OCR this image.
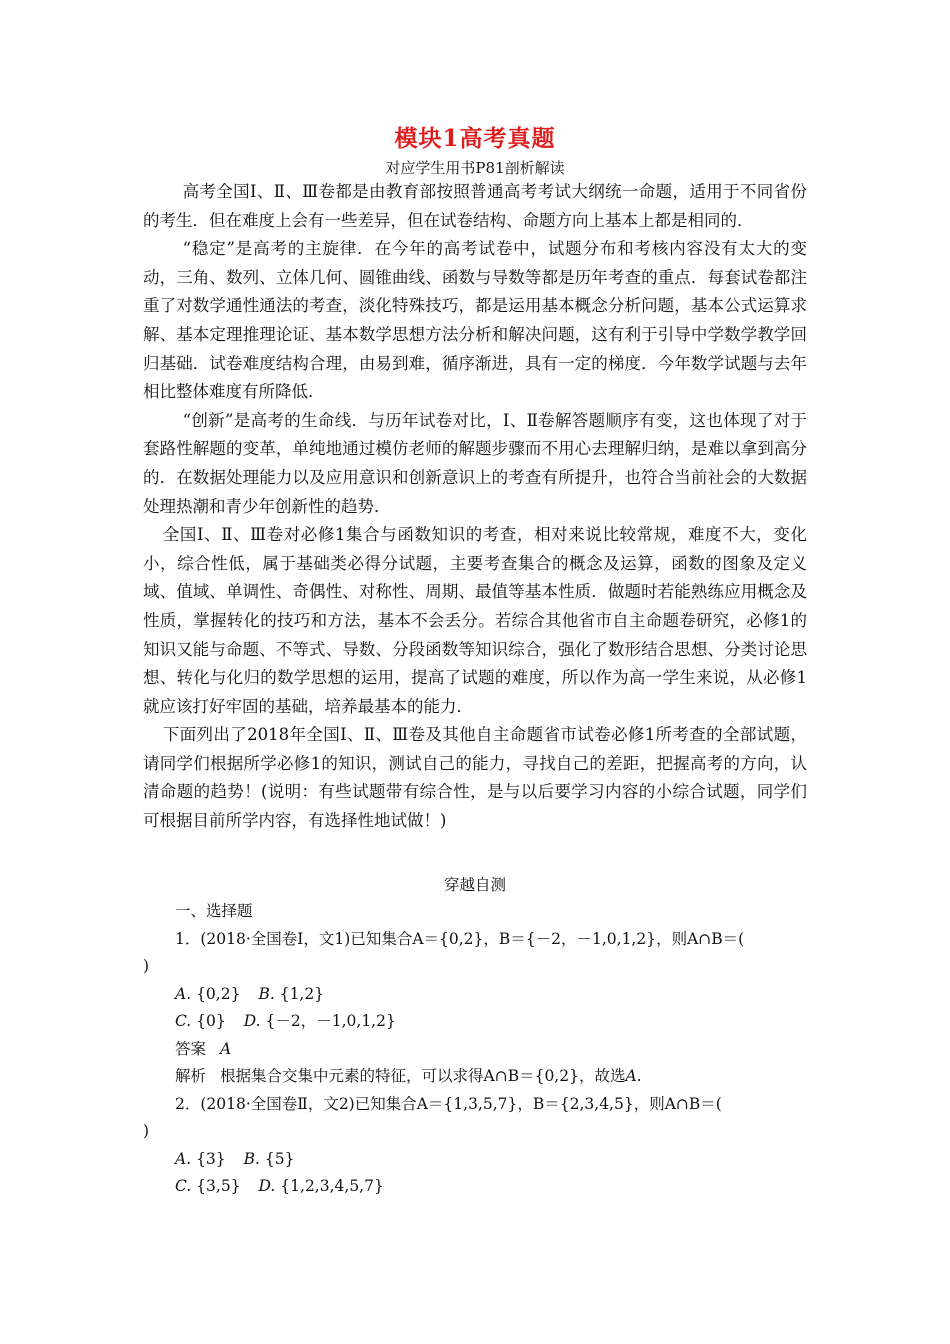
模块1高考真题
对应学生用书P81剖析解读

高考全国Ⅰ、Ⅱ、Ⅲ卷都是由教育部按照普通高考考试大纲统一命题，适用于不同省份的考生．但在难度上会有一些差异，但在试卷结构、命题方向上基本上都是相同的．

“稳定”是高考的主旋律．在今年的高考试卷中，试题分布和考核内容没有太大的变动，三角、数列、立体几何、圆锥曲线、函数与导数等都是历年考查的重点．每套试卷都注重了对数学通性通法的考查，淡化特殊技巧，都是运用基本概念分析问题，基本公式运算求解、基本定理推理论证、基本数学思想方法分析和解决问题，这有利于引导中学数学教学回归基础．试卷难度结构合理，由易到难，循序渐进，具有一定的梯度．今年数学试题与去年相比整体难度有所降低．

“创新”是高考的生命线．与历年试卷对比，Ⅰ、Ⅱ卷解答题顺序有变，这也体现了对于套路性解题的变革，单纯地通过模仿老师的解题步骤而不用心去理解归纳，是难以拿到高分的．在数据处理能力以及应用意识和创新意识上的考查有所提升，也符合当前社会的大数据处理热潮和青少年创新性的趋势．

全国Ⅰ、Ⅱ、Ⅲ卷对必修1集合与函数知识的考查，相对来说比较常规，难度不大，变化小，综合性低，属于基础类必得分试题，主要考查集合的概念及运算，函数的图象及定义域、值域、单调性、奇偶性、对称性、周期、最值等基本性质．做题时若能熟练应用概念及性质，掌握转化的技巧和方法，基本不会丢分。若综合其他省市自主命题卷研究，必修1的知识又能与命题、不等式、导数、分段函数等知识综合，强化了数形结合思想、分类讨论思想、转化与化归的数学思想的运用，提高了试题的难度，所以作为高一学生来说，从必修1就应该打好牢固的基础，培养最基本的能力．

下面列出了2018年全国Ⅰ、Ⅱ、Ⅲ卷及其他自主命题省市试卷必修1所考查的全部试题，请同学们根据所学必修1的知识，测试自己的能力，寻找自己的差距，把握高考的方向，认清命题的趋势！(说明：有些试题带有综合性，是与以后要学习内容的小综合试题，同学们可根据目前所学内容，有选择性地试做！)

穿越自测
一、选择题
1．(2018·全国卷Ⅰ，文1)已知集合A＝{0,2}，B＝{－2，－1,0,1,2}，则A∩B＝(
)
A. {0,2} B. {1,2}
C. {0} D. {－2，－1,0,1,2}
答案 A
解析 根据集合交集中元素的特征，可以求得A∩B＝{0,2}，故选A.
2．(2018·全国卷Ⅱ，文2)已知集合A＝{1,3,5,7}，B＝{2,3,4,5}，则A∩B＝(
)
A. {3} B. {5}
C. {3,5} D. {1,2,3,4,5,7}
